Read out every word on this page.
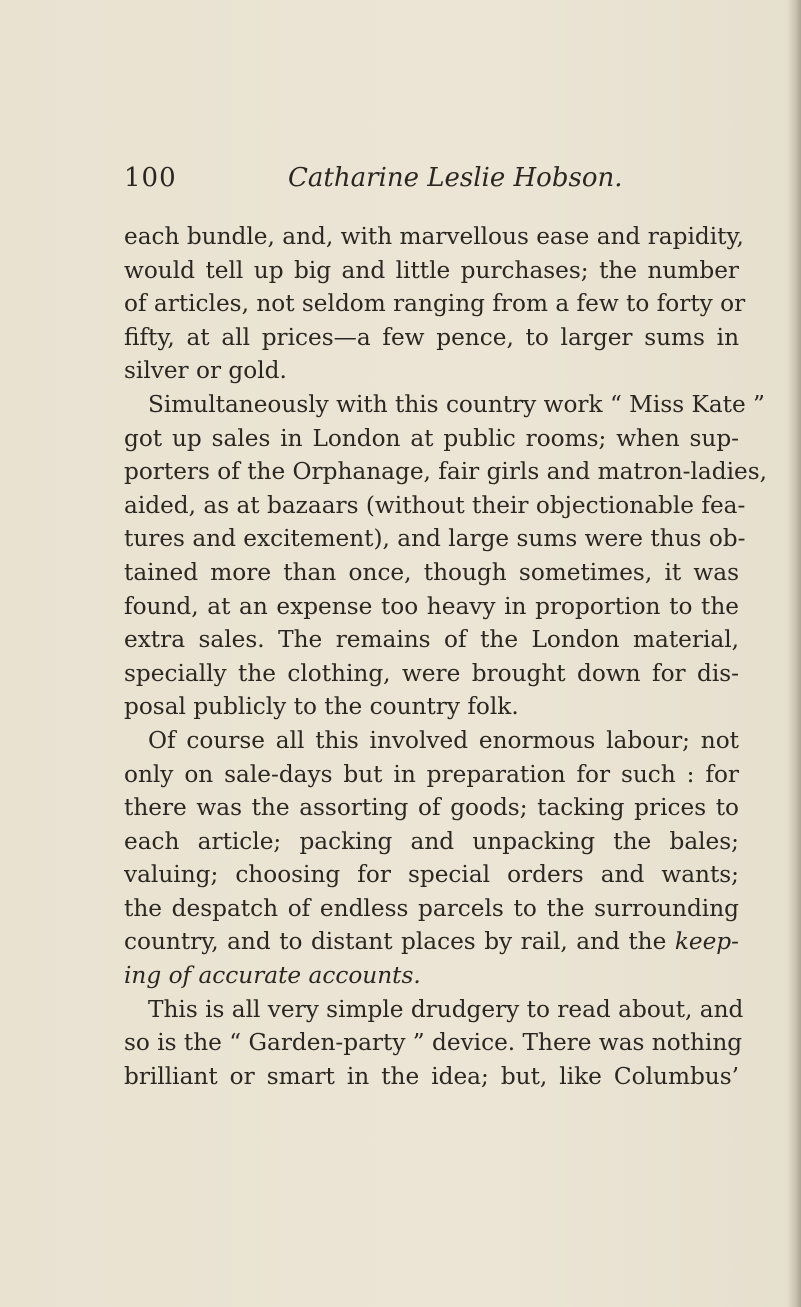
100	Catharine Leslie Hobson.
each bundle, and, with marvellous ease and rapidity,
would tell up big and little purchases; the number
of articles, not seldom ranging from a few to forty or
fifty, at all prices—a few pence, to larger sums in
silver or gold.
Simultaneously with this country work “ Miss Kate ”
got up sales in London at public rooms; when sup-
porters of the Orphanage, fair girls and matron-ladies,
aided, as at bazaars (without their objectionable fea-
tures and excitement), and large sums were thus ob-
tained more than once, though sometimes, it was
found, at an expense too heavy in proportion to the
extra sales. The remains of the London material,
specially the clothing, were brought down for dis-
posal publicly to the country folk.
Of course all this involved enormous labour; not
only on sale-days but in preparation for such : for
there was the assorting of goods; tacking prices to
each article; packing and unpacking the bales;
valuing; choosing for special orders and wants;
the despatch of endless parcels to the surrounding
country, and to distant places by rail, and the keep-
ing of accurate accounts.
This is all very simple drudgery to read about, and
so is the “ Garden-party ” device. There was nothing
brilliant or smart in the idea; but, like Columbus’
